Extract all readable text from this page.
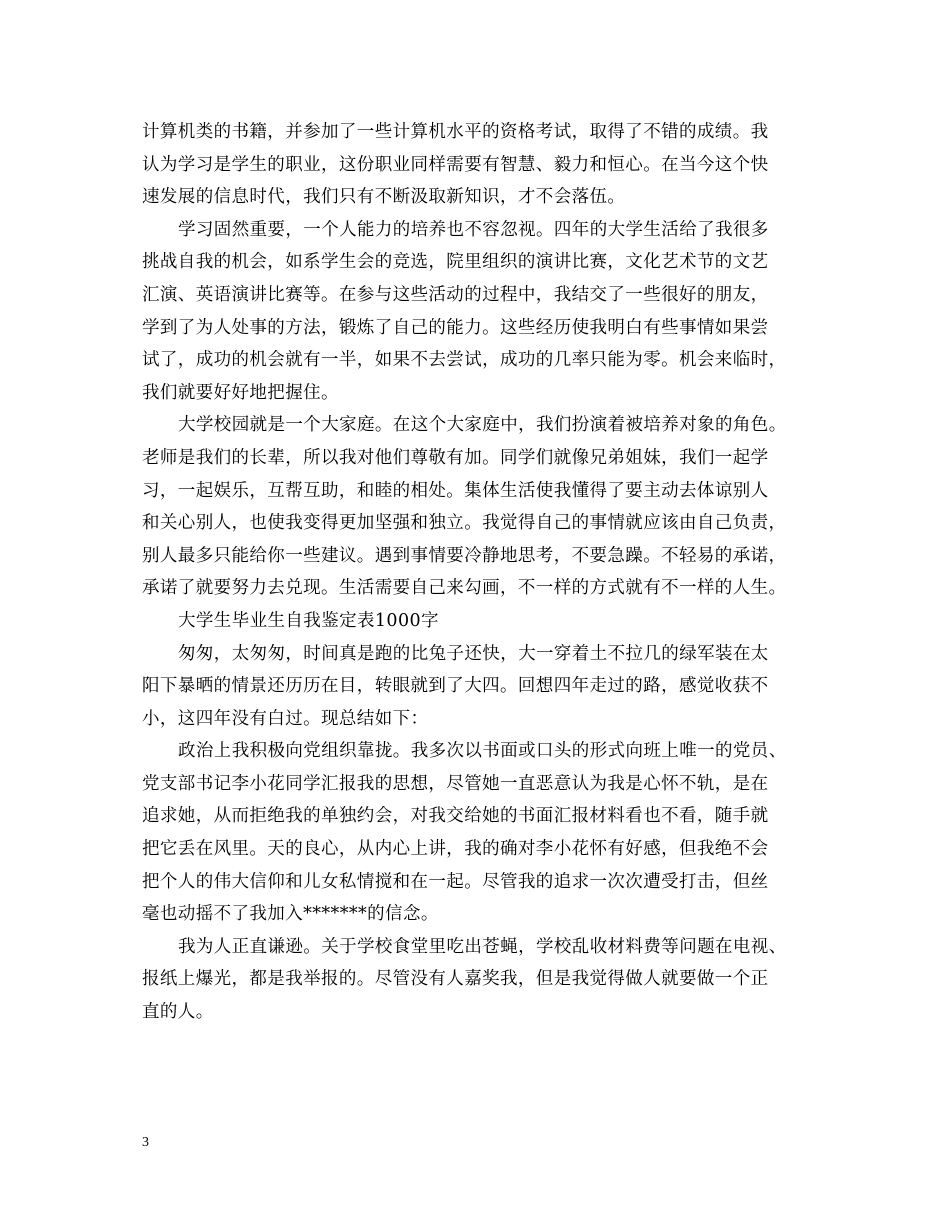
计算机类的书籍，并参加了一些计算机水平的资格考试，取得了不错的成绩。我
认为学习是学生的职业，这份职业同样需要有智慧、毅力和恒心。在当今这个快
速发展的信息时代，我们只有不断汲取新知识，才不会落伍。
学习固然重要，一个人能力的培养也不容忽视。四年的大学生活给了我很多
挑战自我的机会，如系学生会的竞选，院里组织的演讲比赛，文化艺术节的文艺
汇演、英语演讲比赛等。在参与这些活动的过程中，我结交了一些很好的朋友，
学到了为人处事的方法，锻炼了自己的能力。这些经历使我明白有些事情如果尝
试了，成功的机会就有一半，如果不去尝试，成功的几率只能为零。机会来临时，
我们就要好好地把握住。
大学校园就是一个大家庭。在这个大家庭中，我们扮演着被培养对象的角色。
老师是我们的长辈，所以我对他们尊敬有加。同学们就像兄弟姐妹，我们一起学
习，一起娱乐，互帮互助，和睦的相处。集体生活使我懂得了要主动去体谅别人
和关心别人，也使我变得更加坚强和独立。我觉得自己的事情就应该由自己负责，
别人最多只能给你一些建议。遇到事情要冷静地思考，不要急躁。不轻易的承诺，
承诺了就要努力去兑现。生活需要自己来勾画，不一样的方式就有不一样的人生。
大学生毕业生自我鉴定表1000字
匆匆，太匆匆，时间真是跑的比兔子还快，大一穿着土不拉几的绿军装在太
阳下暴晒的情景还历历在目，转眼就到了大四。回想四年走过的路，感觉收获不
小，这四年没有白过。现总结如下：
政治上我积极向党组织靠拢。我多次以书面或口头的形式向班上唯一的党员、
党支部书记李小花同学汇报我的思想，尽管她一直恶意认为我是心怀不轨，是在
追求她，从而拒绝我的单独约会，对我交给她的书面汇报材料看也不看，随手就
把它丢在风里。天的良心，从内心上讲，我的确对李小花怀有好感，但我绝不会
把个人的伟大信仰和儿女私情搅和在一起。尽管我的追求一次次遭受打击，但丝
毫也动摇不了我加入*******的信念。
我为人正直谦逊。关于学校食堂里吃出苍蝇，学校乱收材料费等问题在电视、
报纸上爆光，都是我举报的。尽管没有人嘉奖我，但是我觉得做人就要做一个正
直的人。
3
